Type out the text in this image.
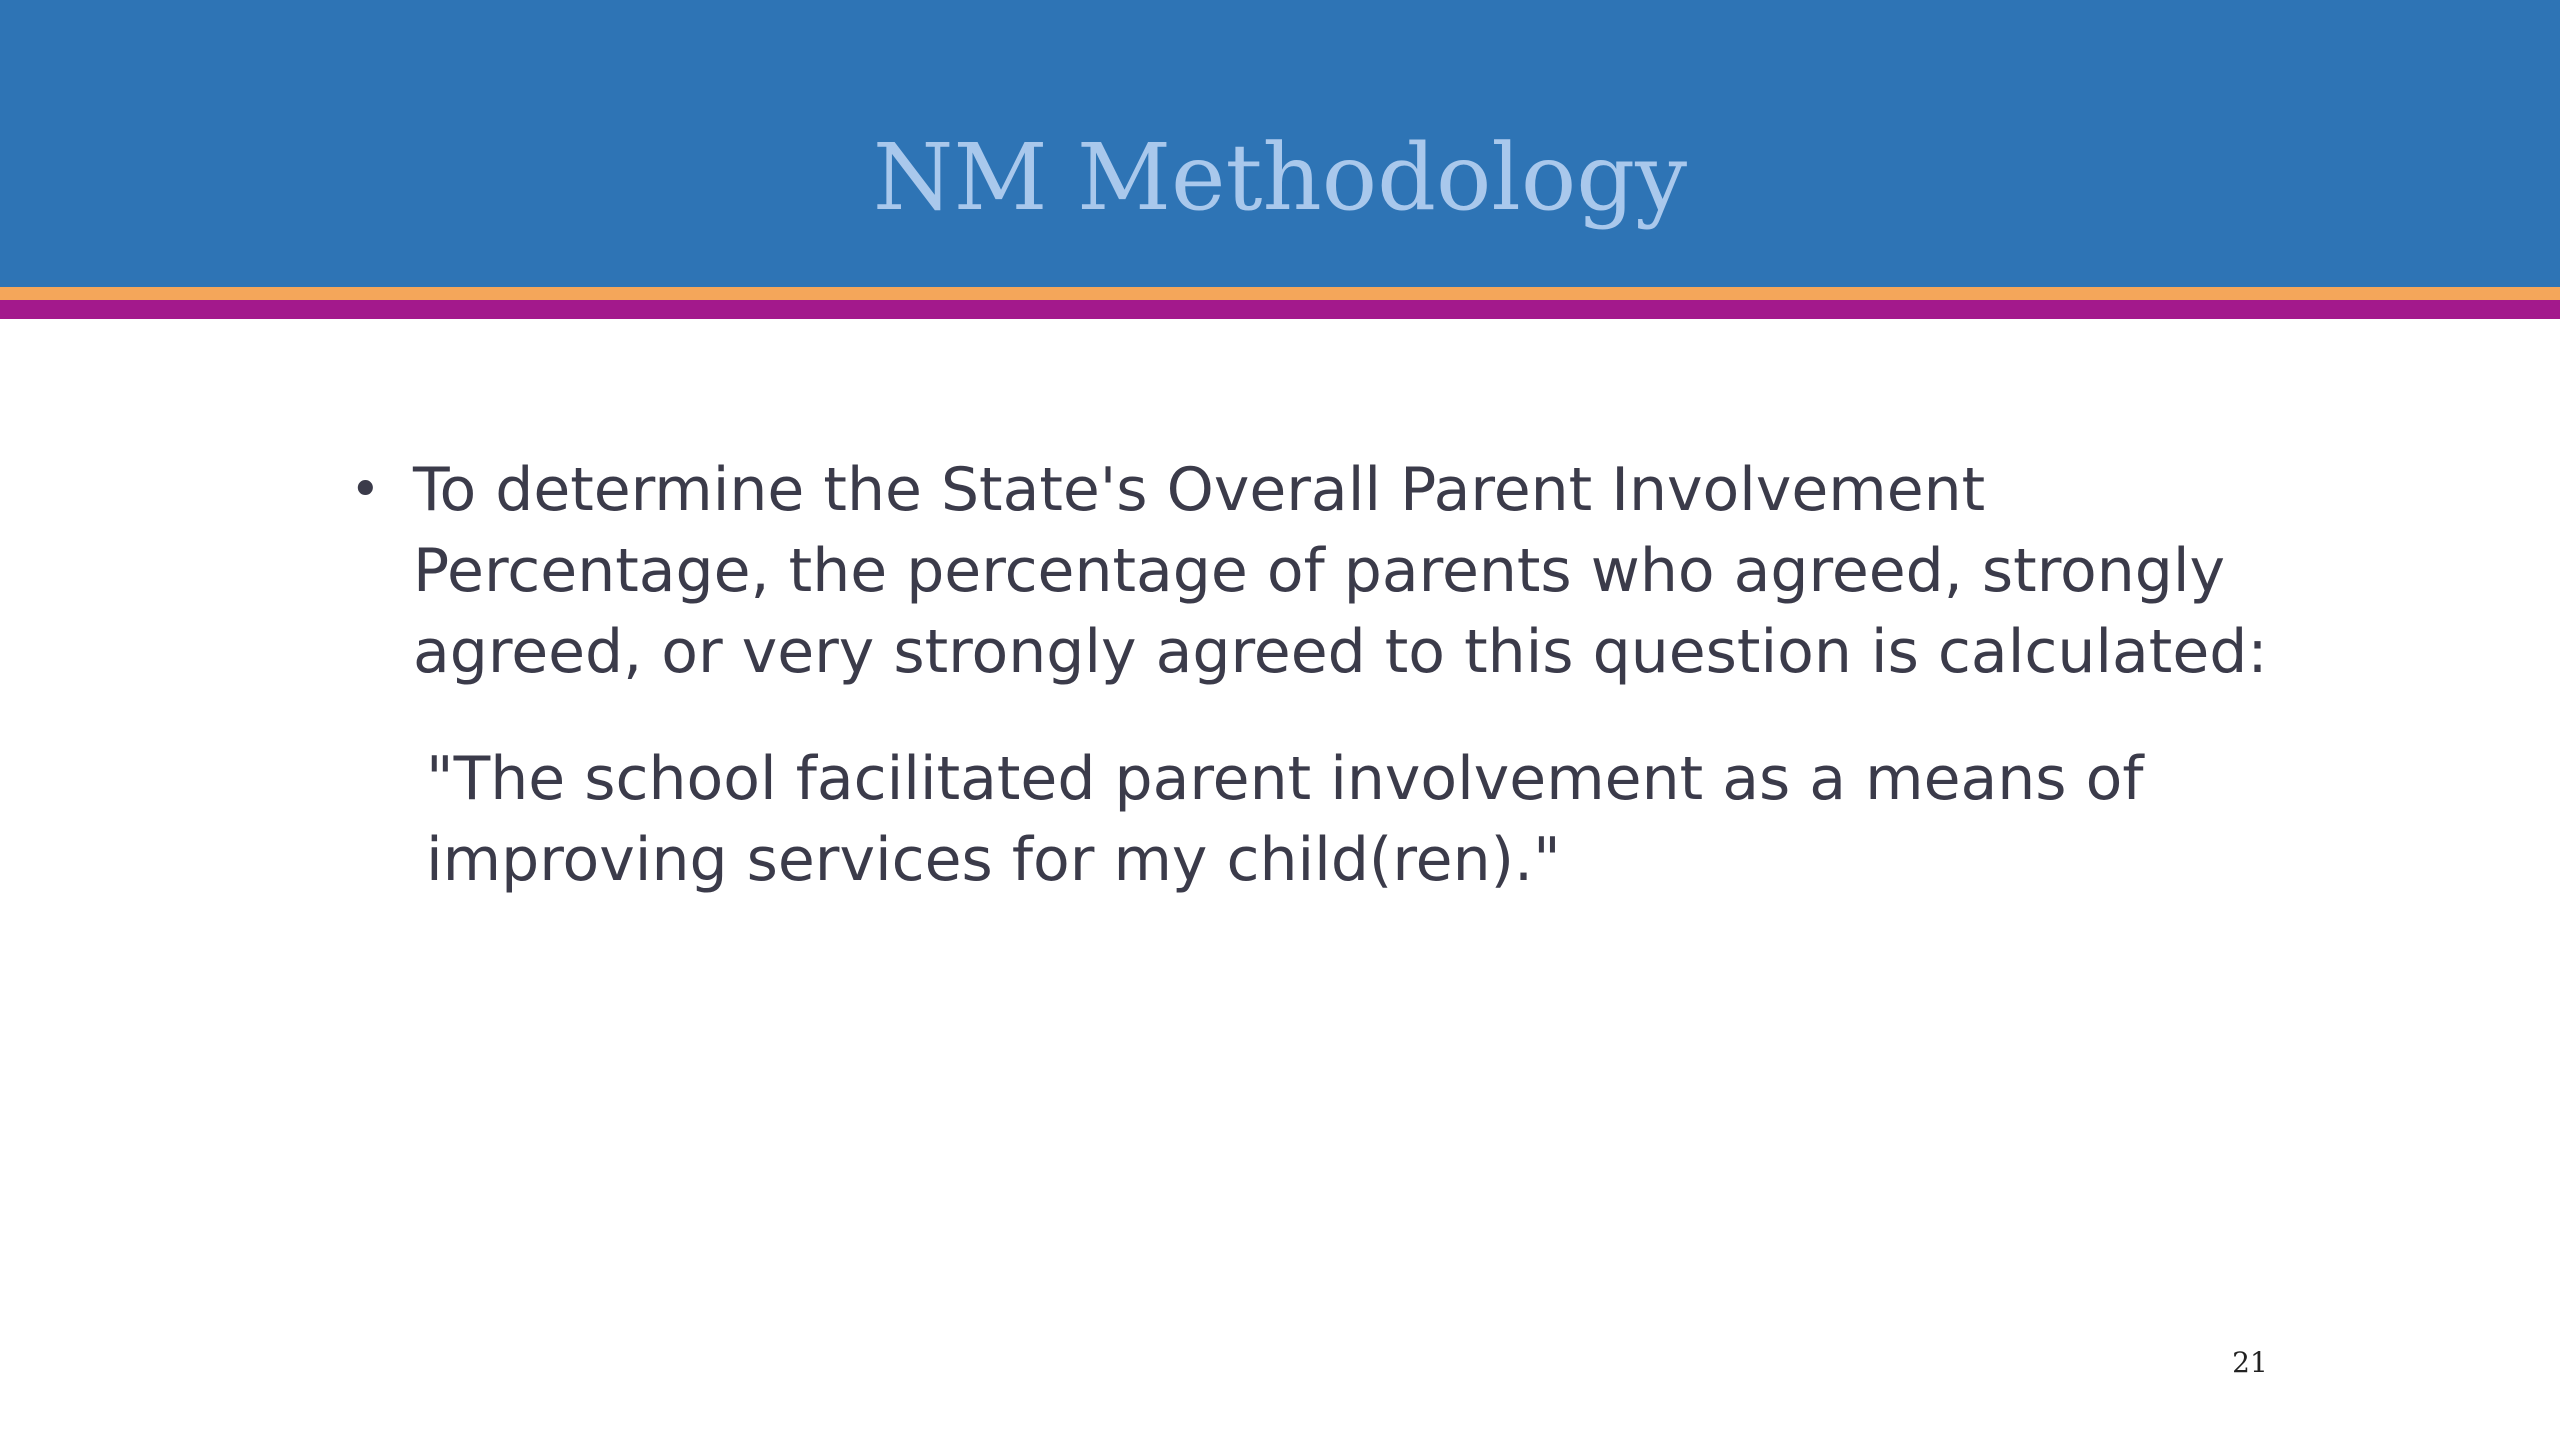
NM Methodology
• To determine the State's Overall Parent Involvement Percentage, the percentage of parents who agreed, strongly agreed, or very strongly agreed to this question is calculated:

"The school facilitated parent involvement as a means of improving services for my child(ren)."

21
